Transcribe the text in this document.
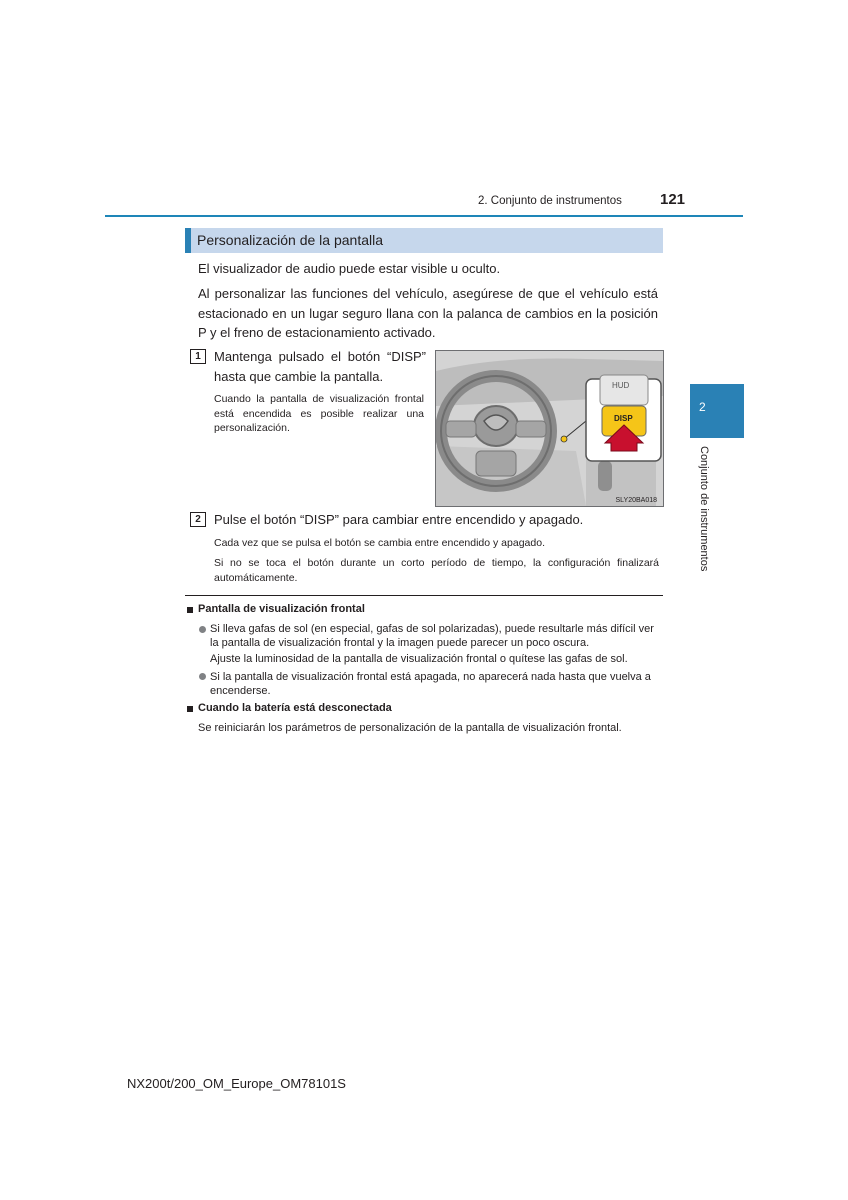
2. Conjunto de instrumentos	121
2
Conjunto de instrumentos
Personalización de la pantalla
El visualizador de audio puede estar visible u oculto.
Al personalizar las funciones del vehículo, asegúrese de que el vehículo está estacionado en un lugar seguro llana con la palanca de cambios en la posición P y el freno de estacionamiento activado.
1	Mantenga pulsado el botón “DISP” hasta que cambie la pantalla.
Cuando la pantalla de visualización frontal está encendida es posible realizar una personalización.
HUD
DISP
SLY20BA018
2	Pulse el botón “DISP” para cambiar entre encendido y apagado.
Cada vez que se pulsa el botón se cambia entre encendido y apagado.
Si no se toca el botón durante un corto período de tiempo, la configuración finalizará automáticamente.
Pantalla de visualización frontal
Si lleva gafas de sol (en especial, gafas de sol polarizadas), puede resultarle más difícil ver la pantalla de visualización frontal y la imagen puede parecer un poco oscura.
Ajuste la luminosidad de la pantalla de visualización frontal o quítese las gafas de sol.
Si la pantalla de visualización frontal está apagada, no aparecerá nada hasta que vuelva a encenderse.
Cuando la batería está desconectada
Se reiniciarán los parámetros de personalización de la pantalla de visualización frontal.
NX200t/200_OM_Europe_OM78101S
